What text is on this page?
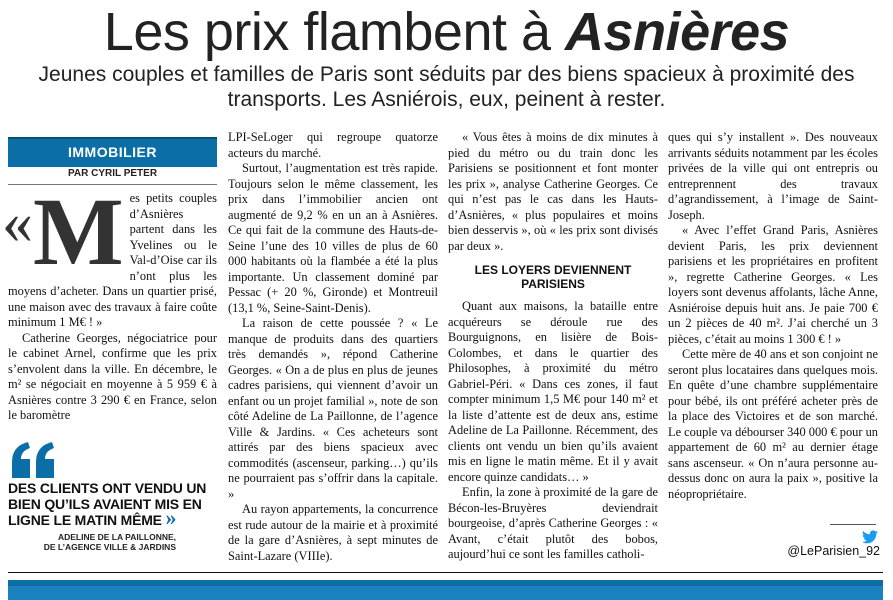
Les prix flambent à Asnières
Jeunes couples et familles de Paris sont séduits par des biens spacieux à proximité des transports. Les Asniérois, eux, peinent à rester.
IMMOBILIER
PAR CYRIL PETER
« M es petits couples d’Asnières partent dans les Yvelines ou le Val-d’Oise car ils n’ont plus les moyens d’acheter. Dans un quartier prisé, une maison avec des travaux à faire coûte minimum 1 M€ ! »

Catherine Georges, négociatrice pour le cabinet Arnel, confirme que les prix s’envolent dans la ville. En décembre, le m² se négociait en moyenne à 5 959 € à Asnières contre 3 290 € en France, selon le baromètre

DES CLIENTS ONT VENDU UN BIEN QU’ILS AVAIENT MIS EN LIGNE LE MATIN MÊME »
ADELINE DE LA PAILLONNE,
DE L’AGENCE VILLE & JARDINS

LPI-SeLoger qui regroupe quatorze acteurs du marché.

Surtout, l’augmentation est très rapide. Toujours selon le même classement, les prix dans l’immobilier ancien ont augmenté de 9,2 % en un an à Asnières. Ce qui fait de la commune des Hauts-de-Seine l’une des 10 villes de plus de 60 000 habitants où la flambée a été la plus importante. Un classement dominé par Pessac (+ 20 %, Gironde) et Montreuil (13,1 %, Seine-Saint-Denis).

La raison de cette poussée ? « Le manque de produits dans des quartiers très demandés », répond Catherine Georges. « On a de plus en plus de jeunes cadres parisiens, qui viennent d’avoir un enfant ou un projet familial », note de son côté Adeline de La Paillonne, de l’agence Ville & Jardins. « Ces acheteurs sont attirés par des biens spacieux avec commodités (ascenseur, parking…) qu’ils ne pourraient pas s’offrir dans la capitale. »

Au rayon appartements, la concurrence est rude autour de la mairie et à proximité de la gare d’Asnières, à sept minutes de Saint-Lazare (VIIIe).

« Vous êtes à moins de dix minutes à pied du métro ou du train donc les Parisiens se positionnent et font monter les prix », analyse Catherine Georges. Ce qui n’est pas le cas dans les Hauts-d’Asnières, « plus populaires et moins bien desservis », où « les prix sont divisés par deux ».

LES LOYERS DEVIENNENT PARISIENS

Quant aux maisons, la bataille entre acquéreurs se déroule rue des Bourguignons, en lisière de Bois-Colombes, et dans le quartier des Philosophes, à proximité du métro Gabriel-Péri. « Dans ces zones, il faut compter minimum 1,5 M€ pour 140 m² et la liste d’attente est de deux ans, estime Adeline de La Paillonne. Récemment, des clients ont vendu un bien qu’ils avaient mis en ligne le matin même. Et il y avait encore quinze candidats… »

Enfin, la zone à proximité de la gare de Bécon-les-Bruyères deviendrait bourgeoise, d’après Catherine Georges : « Avant, c’était plutôt des bobos, aujourd’hui ce sont les familles catholi-

ques qui s’y installent ». Des nouveaux arrivants séduits notamment par les écoles privées de la ville qui ont entrepris ou entreprennent des travaux d’agrandissement, à l’image de Saint-Joseph.

« Avec l’effet Grand Paris, Asnières devient Paris, les prix deviennent parisiens et les propriétaires en profitent », regrette Catherine Georges. « Les loyers sont devenus affolants, lâche Anne, Asniéroise depuis huit ans. Je paie 700 € un 2 pièces de 40 m². J’ai cherché un 3 pièces, c’était au moins 1 300 € ! »

Cette mère de 40 ans et son conjoint ne seront plus locataires dans quelques mois. En quête d’une chambre supplémentaire pour bébé, ils ont préféré acheter près de la place des Victoires et de son marché. Le couple va débourser 340 000 € pour un appartement de 60 m² au dernier étage sans ascenseur. « On n’aura personne au-dessus donc on aura la paix », positive la néopropriétaire.

@LeParisien_92
